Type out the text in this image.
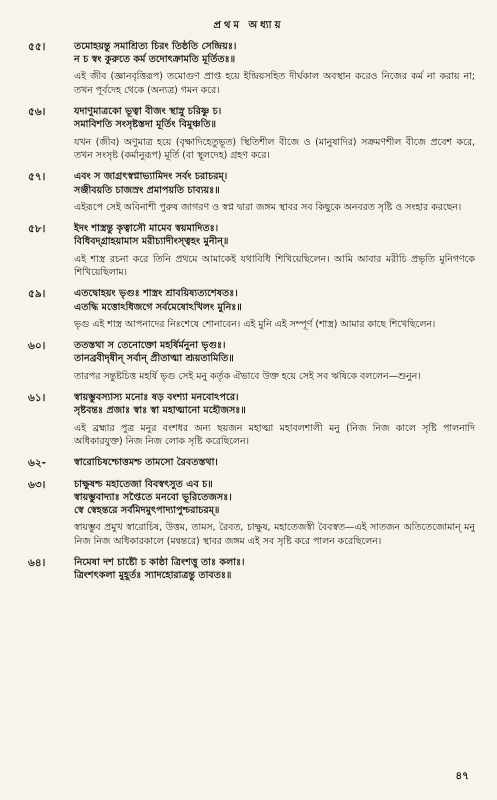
প্রথম অধ্যায়
৫৫।	তমোহয়ন্তু সমাশ্রিত্য চিরং তিষ্ঠতি সেন্দ্রিয়ঃ।
ন চ স্বং কুরুতে কর্ম তদোৎক্রামতি মূর্তিতঃ॥
এই জীব (জ্ঞানবৃত্তিরূপ) তমোগুণ প্রাপ্ত হয়ে ইন্দ্রিয়সহিত দীর্ঘকাল অবস্থান করেও নিজের কর্ম না করায় না; তখন পূর্বদেহ থেকে (অন্যত্র) গমন করে।
৫৬।	যদাণুমাত্রকো ভূত্বা বীজং স্থাস্নু চরিষ্ণু চ।
সমাবিশতি সংসৃষ্টস্তদা মূর্তিং বিমুঞ্চতি॥
যখন (জীব) অণুমাত্র হয়ে (বৃক্ষাদিহেতুভূত) স্থিতিশীল বীজে ও (মানুষাদির) সক্রমণশীল বীজে প্রবেশ করে, তখন সংসৃষ্ট (কর্মানুরূপ) মূর্তি (বা স্থূলদেহ) গ্রহণ করে।
৫৭।	এবং স জাগ্রৎস্বপ্নাভ্যামিদং সর্বং চরাচরম্।
সঞ্জীবয়তি চাজস্রং প্রমাপয়তি চাব্যয়ঃ॥
এইরূপে সেই অবিনাশী পুরুষ জাগরণ ও স্বপ্ন দ্বারা জঙ্গম স্থাবর সব কিছুকে অনবরত সৃষ্টি ও সংহার করছেন।
৫৮।	ইদং শাস্ত্রন্তু কৃত্বাসৌ মামেব স্বয়মাদিতঃ।
বিধিবদ্গ্রাহয়ামাস মরীচ্যাদীংস্ত্বহং মুনীন্॥
এই শাস্ত্র রচনা করে তিনি প্রথমে আমাকেই যথাবিধি শিখিয়েছিলেন। আমি আবার মরীচি প্রভৃতি মুনিগণকে শিখিয়েছিলাম।
৫৯।	এতদ্বোহয়ং ভৃগুঃ শাস্ত্রং শ্রাবয়িষ্যত্যশেষতঃ।
এতদ্ধি মত্তোঽধিজগে সর্বমেষোঽখিলং মুনিঃ॥
ভৃগু এই শাস্ত্র আপনাদের নিঃশেষে শোনাবেন। এই মুনি এই সম্পূর্ণ (শাস্ত্র) আমার কাছে শিখেছিলেন।
৬০।	ততস্তথা স তেনোক্তো মহর্ষির্মনুনা ভৃগুঃ।
তানব্রবীদৃষীন্ সর্বান্ প্রীতাত্মা শ্রূয়তামিতি॥
তারপর সন্তুষ্টচিত্ত মহর্ষি ভৃগু সেই মনু কর্তৃক ঐভাবে উক্ত হয়ে সেই সব ঋষিকে বললেন—শুনুন।
৬১।	স্বায়ম্ভুবস্যাস্য মনোঃ ষড় বংশ্যা মনবোঽপরে।
সৃষ্টবন্তঃ প্রজাঃ স্বাঃ স্বা মহাত্মানো মহৌজসঃ॥
এই ব্রহ্মার পুত্র মনুর বংশধর অন্য ছয়জন মহাত্মা মহাবলশালী মনু (নিজ নিজ কালে সৃষ্টি পালনাদি অধিকারযুক্ত) নিজ নিজ লোক সৃষ্টি করেছিলেন।
৬২-	স্বারোচিষশ্চোত্তমশ্চ তামসো রৈবতস্তথা।
৬৩।	চাক্ষুষশ্চ মহাতেজা বিবস্বৎসুত এব চ॥
স্বায়ম্ভুবাদ্যাঃ সপ্তৈতে মনবো ভূরিতেজসঃ।
স্বে স্বেহন্তরে সর্বমিদমুৎপাদ্যাপুশ্চরাচরম্॥
স্বায়ম্ভুব প্রমুখ স্বারোচিষ, উত্তম, তামস, রৈবত, চাক্ষুষ, মহাতেজস্বী বৈবস্বত—এই সাতজন অতিতেজোমান্ মনু নিজ নিজ অধিকারকালে (মন্বন্তরে) স্থাবর জঙ্গম এই সব সৃষ্টি করে পালন করেছিলেন।
৬৪।	নিমেষা দশ চাষ্টৌ চ কাষ্ঠা ত্রিংশত্তু তাঃ কলাঃ।
ত্রিংশৎকলা মুহূর্তঃ স্যাদহোরাত্রন্তু তাবতঃ॥
৪৭
